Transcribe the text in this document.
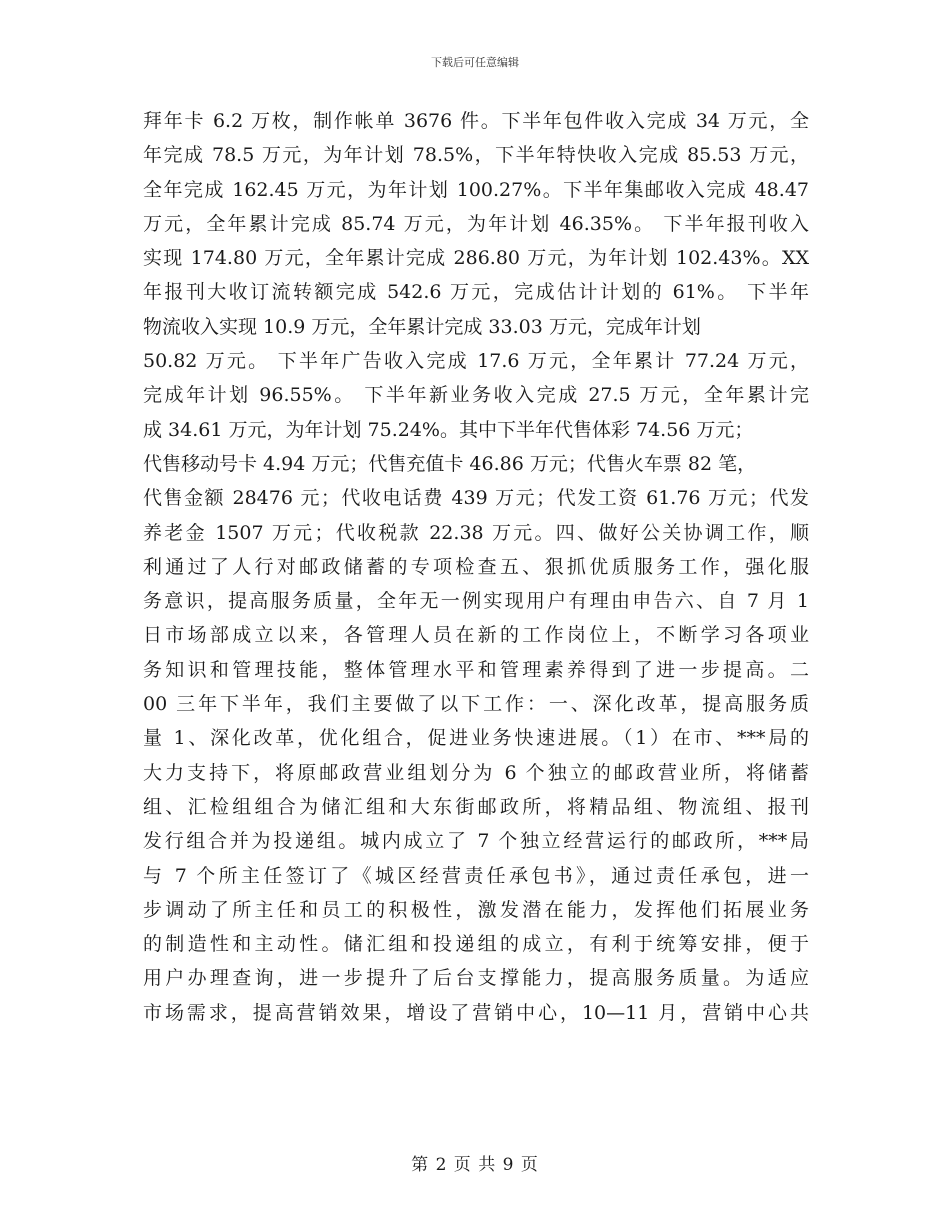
下载后可任意编辑
拜年卡 6.2 万枚，制作帐单 3676 件。下半年包件收入完成 34 万元，全
年完成 78.5 万元，为年计划 78.5%，下半年特快收入完成 85.53 万元，
全年完成 162.45 万元，为年计划 100.27%。下半年集邮收入完成 48.47
万元，全年累计完成 85.74 万元，为年计划 46.35%。 下半年报刊收入
实现 174.80 万元，全年累计完成 286.80 万元，为年计划 102.43%。XX
年报刊大收订流转额完成 542.6 万元，完成估计计划的 61%。 下半年
物流收入实现 10.9 万元，全年累计完成 33.03 万元，完成年计划
50.82 万元。 下半年广告收入完成 17.6 万元，全年累计 77.24 万元，
完成年计划 96.55%。 下半年新业务收入完成 27.5 万元，全年累计完
成 34.61 万元，为年计划 75.24%。其中下半年代售体彩 74.56 万元；
代售移动号卡 4.94 万元；代售充值卡 46.86 万元；代售火车票 82 笔，
代售金额 28476 元；代收电话费 439 万元；代发工资 61.76 万元；代发
养老金 1507 万元；代收税款 22.38 万元。四、做好公关协调工作，顺
利通过了人行对邮政储蓄的专项检查五、狠抓优质服务工作，强化服
务意识，提高服务质量，全年无一例实现用户有理由申告六、自 7 月 1
日市场部成立以来，各管理人员在新的工作岗位上，不断学习各项业
务知识和管理技能，整体管理水平和管理素养得到了进一步提高。二
00 三年下半年，我们主要做了以下工作：一、深化改革，提高服务质
量 1、深化改革，优化组合，促进业务快速进展。（1）在市、***局的
大力支持下，将原邮政营业组划分为 6 个独立的邮政营业所，将储蓄
组、汇检组组合为储汇组和大东街邮政所，将精品组、物流组、报刊
发行组合并为投递组。城内成立了 7 个独立经营运行的邮政所，***局
与 7 个所主任签订了《城区经营责任承包书》，通过责任承包，进一
步调动了所主任和员工的积极性，激发潜在能力，发挥他们拓展业务
的制造性和主动性。储汇组和投递组的成立，有利于统筹安排，便于
用户办理查询，进一步提升了后台支撑能力，提高服务质量。为适应
市场需求，提高营销效果，增设了营销中心，10—11 月，营销中心共
第 2 页 共 9 页
